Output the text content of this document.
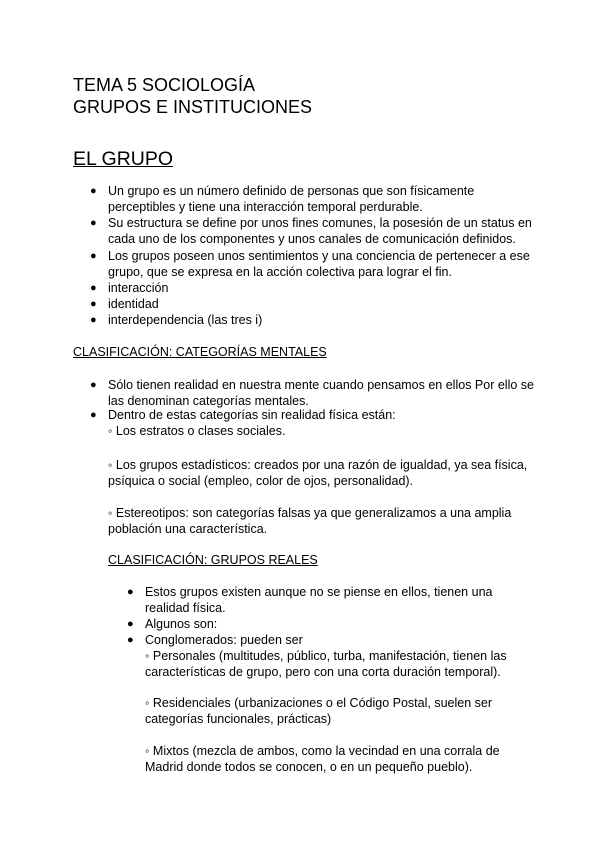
TEMA 5 SOCIOLOGÍA
GRUPOS E INSTITUCIONES
EL GRUPO
● Un grupo es un número definido de personas que son físicamente
perceptibles y tiene una interacción temporal perdurable.
● Su estructura se define por unos fines comunes, la posesión de un status en
cada uno de los componentes y unos canales de comunicación definidos.
● Los grupos poseen unos sentimientos y una conciencia de pertenecer a ese
grupo, que se expresa en la acción colectiva para lograr el fin.
● interacción
● identidad
● interdependencia (las tres i)
CLASIFICACIÓN: CATEGORÍAS MENTALES
● Sólo tienen realidad en nuestra mente cuando pensamos en ellos Por ello se
las denominan categorías mentales.
● Dentro de estas categorías sin realidad física están:
◦ Los estratos o clases sociales.
◦ Los grupos estadísticos: creados por una razón de igualdad, ya sea física,
psíquica o social (empleo, color de ojos, personalidad).
◦ Estereotipos: son categorías falsas ya que generalizamos a una amplia
población una característica.
CLASIFICACIÓN: GRUPOS REALES
● Estos grupos existen aunque no se piense en ellos, tienen una
realidad física.
● Algunos son:
● Conglomerados: pueden ser
◦ Personales (multitudes, público, turba, manifestación, tienen las
características de grupo, pero con una corta duración temporal).
◦ Residenciales (urbanizaciones o el Código Postal, suelen ser
categorías funcionales, prácticas)
◦ Mixtos (mezcla de ambos, como la vecindad en una corrala de
Madrid donde todos se conocen, o en un pequeño pueblo).
